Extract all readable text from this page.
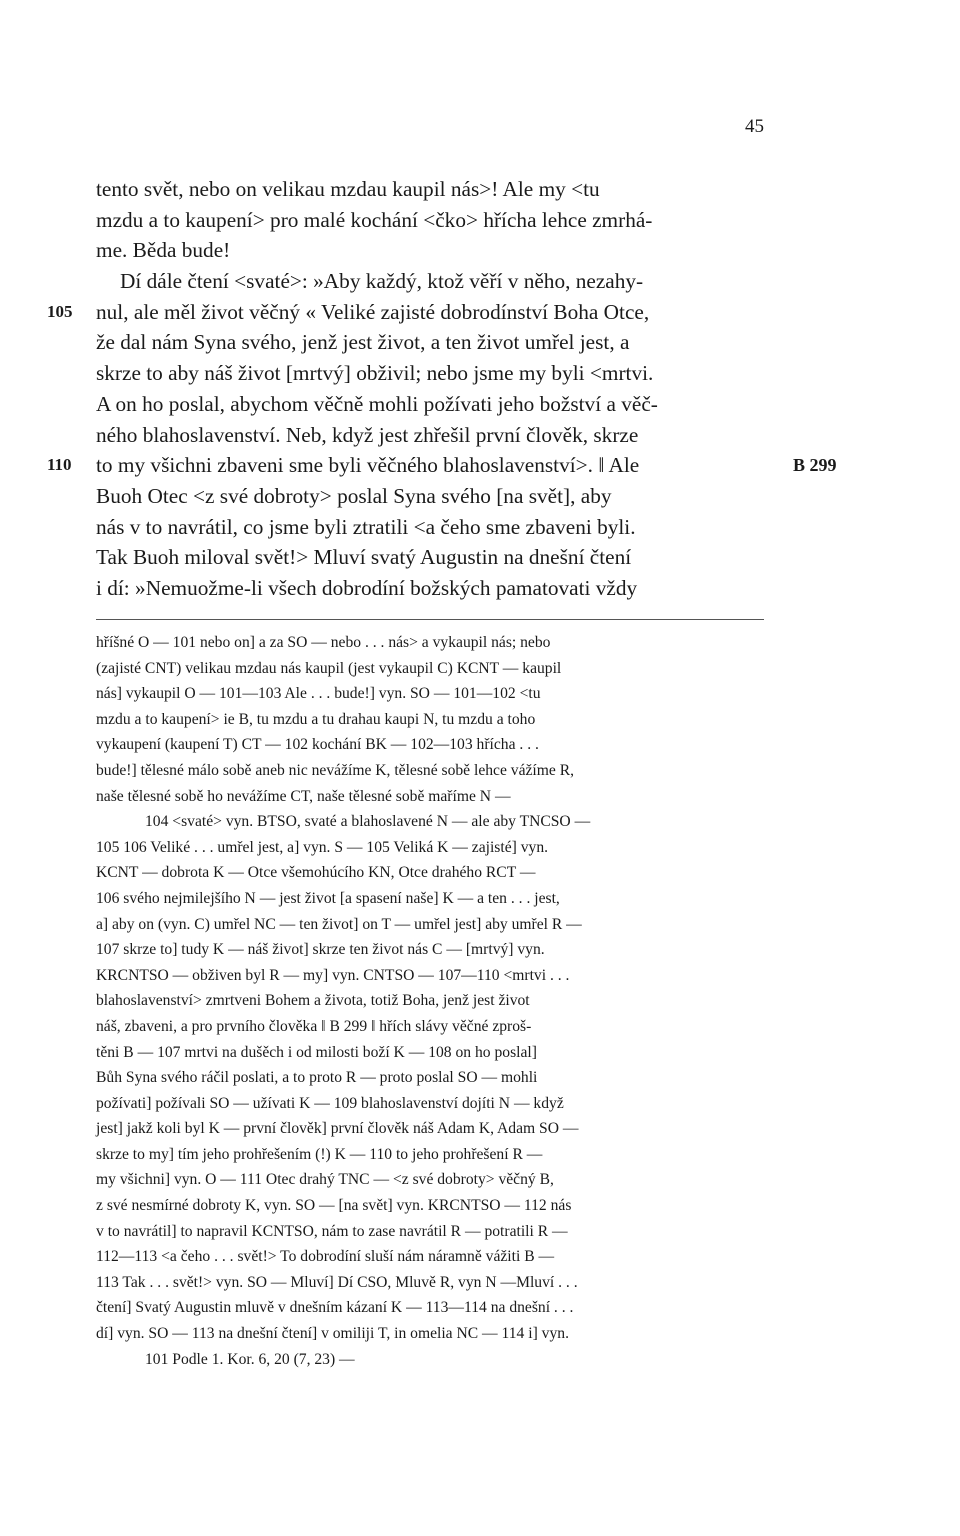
45
tento svět, nebo on velikau mzdau kaupil nás>! Ale my <tu
mzdu a to kaupení> pro malé kochání <čko> hřícha lehce zmrhá-
me. Běda bude!
Dí dále čtení <svaté>: »Aby každý, ktož věří v něho, nezahy-
105	nul, ale měl život věčný « Veliké zajisté dobrodínství Boha Otce,
že dal nám Syna svého, jenž jest život, a ten život umřel jest, a
skrze to aby náš život [mrtvý] obživil; nebo jsme my byli <mrtvi.
A on ho poslal, abychom věčně mohli požívati jeho božství a věč-
ného blahoslavenství. Neb, když jest zhřešil první člověk, skrze
110	to my všichni zbaveni sme byli věčného blahoslavenství>. ‖ Ale	B 299
Buoh Otec <z své dobroty> poslal Syna svého [na svět], aby
nás v to navrátil, co jsme byli ztratili <a čeho sme zbaveni byli.
Tak Buoh miloval svět!> Mluví svatý Augustin na dnešní čtení
i dí: »Nemuožme-li všech dobrodíní božských pamatovati vždy
hříšné O — 101 nebo on] a za SO — nebo . . . nás> a vykaupil nás; nebo
(zajisté CNT) velikau mzdau nás kaupil (jest vykaupil C) KCNT — kaupil
nás] vykaupil O — 101—103 Ale . . . bude!] vyn. SO — 101—102 <tu
mzdu a to kaupení> ie B, tu mzdu a tu drahau kaupi N, tu mzdu a toho
vykaupení (kaupení T) CT — 102 kochání BK — 102—103 hřícha . . .
bude!] tělesné málo sobě aneb nic nevážíme K, tělesné sobě lehce vážíme R,
naše tělesné sobě ho nevážíme CT, naše tělesné sobě maříme N —
104 <svaté> vyn. BTSO, svaté a blahoslavené N — ale aby TNCSO —
105 106 Veliké . . . umřel jest, a] vyn. S — 105 Veliká K — zajisté] vyn.
KCNT — dobrota K — Otce všemohúcího KN, Otce drahého RCT —
106 svého nejmilejšího N — jest život [a spasení našе] K — a ten . . . jest,
a] aby on (vyn. C) umřel NC — ten život] on T — umřel jest] aby umřel R —
107 skrze to] tudy K — náš život] skrze ten život nás C — [mrtvý] vyn.
KRCNTSO — obživen byl R — my] vyn. CNTSO — 107—110 <mrtvi . . .
blahoslavenství> zmrtveni Bohem a života, totiž Boha, jenž jest život
náš, zbaveni, a pro prvního člověka ‖ B 299 ‖ hřích slávy věčné zproš-
těni B — 107 mrtvi na dušěch i od milosti boží K — 108 on ho poslal]
Bůh Syna svého ráčil poslati, a to proto R — proto poslal SO — mohli
požívati] požívali SO — užívati K — 109 blahoslavenství dojíti N — když
jest] jakž koli byl K — první člověk] první člověk náš Adam K, Adam SO —
skrze to my] tím jeho prohřešením (!) K — 110 to jeho prohřešení R —
my všichni] vyn. O — 111 Otec drahý TNC — <z své dobroty> věčný B,
z své nesmírné dobroty K, vyn. SO — [na svět] vyn. KRCNTSO — 112 nás
v to navrátil] to napravil KCNTSO, nám to zase navrátil R — potratili R —
112—113 <a čeho . . . svět!> To dobrodíní sluší nám náramně vážiti B —
113 Tak . . . svět!> vyn. SO — Mluví] Dí CSO, Mluvě R, vyn N —Mluví . . .
čtení] Svatý Augustin mluvě v dnešním kázaní K — 113—114 na dnešní . . .
dí] vyn. SO — 113 na dnešní čtení] v omiliji T, in omelia NC — 114 i] vyn.
101 Podle 1. Kor. 6, 20 (7, 23) —
